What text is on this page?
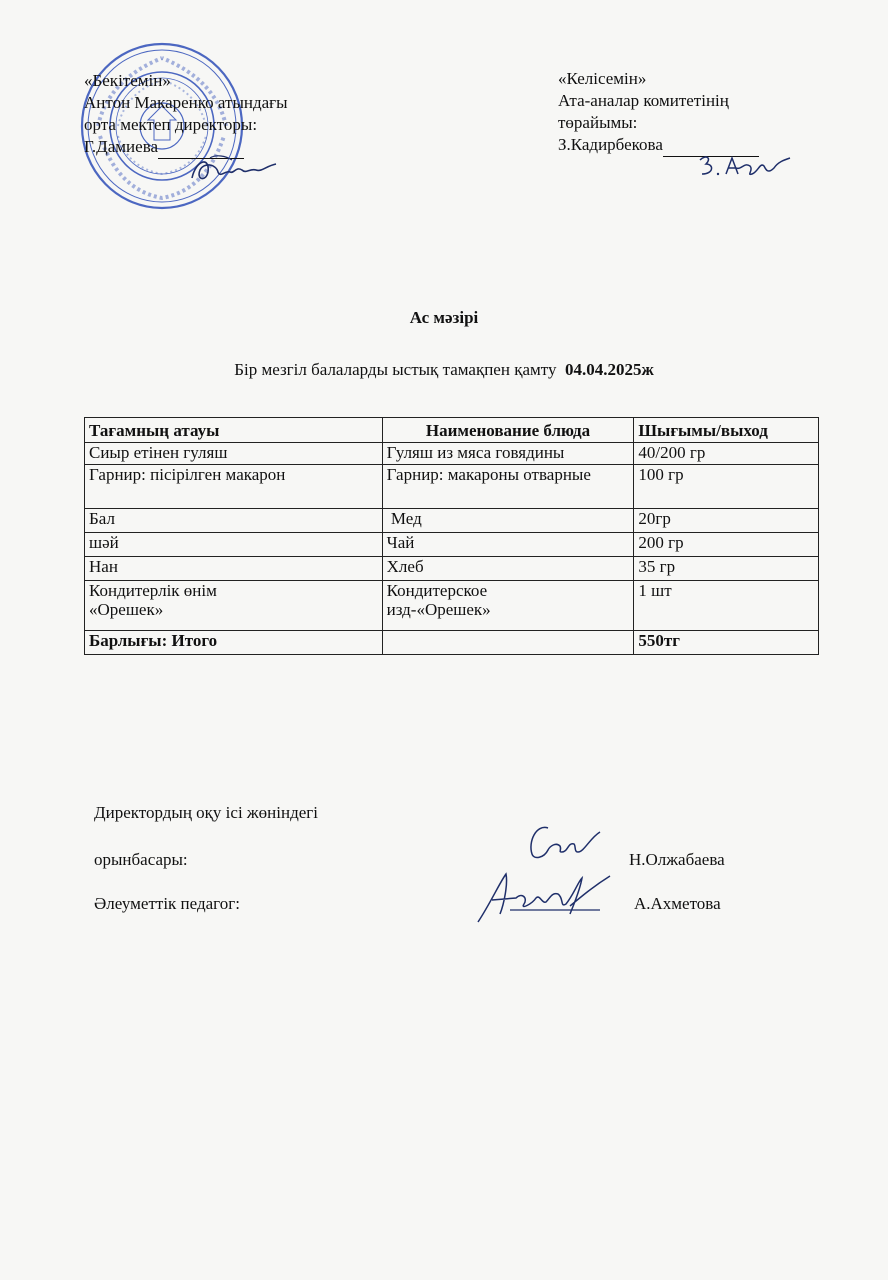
«Бекітемін»
Антон Макаренко атындағы
орта мектеп директоры:
Г.Дамиева
«Келісемін»
Ата-аналар комитетінің
төрайымы:
З.Кадирбекова
Ас мәзірі
Бір мезгіл балаларды ыстық тамақпен қамту 04.04.2025ж
Тағамның атауы	Наименование блюда	Шығымы/выход
Сиыр етінен гуляш	Гуляш из мяса говядины	40/200 гр
Гарнир: пісірілген макарон	Гарнир: макароны отварные	100 гр
Бал	Мед	20гр
шәй	Чай	200 гр
Нан	Хлеб	35 гр
Кондитерлік өнім «Орешек»	Кондитерское изд-«Орешек»	1 шт
Барлығы: Итого		550тг
Директордың оқу ісі жөніндегі
орынбасары:	Н.Олжабаева
Әлеуметтік педагог:	А.Ахметова
